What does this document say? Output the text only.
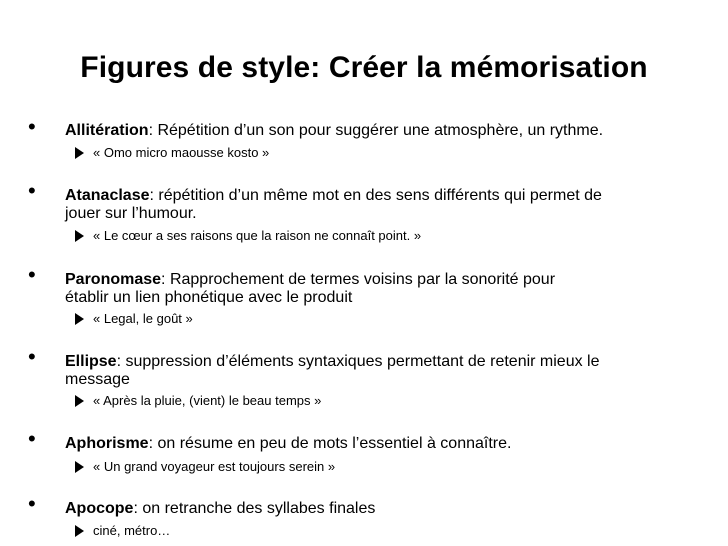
Figures de style: Créer la mémorisation
• Allitération: Répétition d’un son pour suggérer une atmosphère, un rythme.
« Omo micro maousse kosto »
• Atanaclase: répétition d’un même mot en des sens différents qui permet de
jouer sur l’humour.
« Le cœur a ses raisons que la raison ne connaît point. »
• Paronomase: Rapprochement de termes voisins par la sonorité pour
établir un lien phonétique avec le produit
« Legal, le goût »
• Ellipse: suppression d’éléments syntaxiques permettant de retenir mieux le
message
« Après la pluie, (vient) le beau temps »
• Aphorisme: on résume en peu de mots l’essentiel à connaître.
« Un grand voyageur est toujours serein »
• Apocope: on retranche des syllabes finales
ciné, métro…
